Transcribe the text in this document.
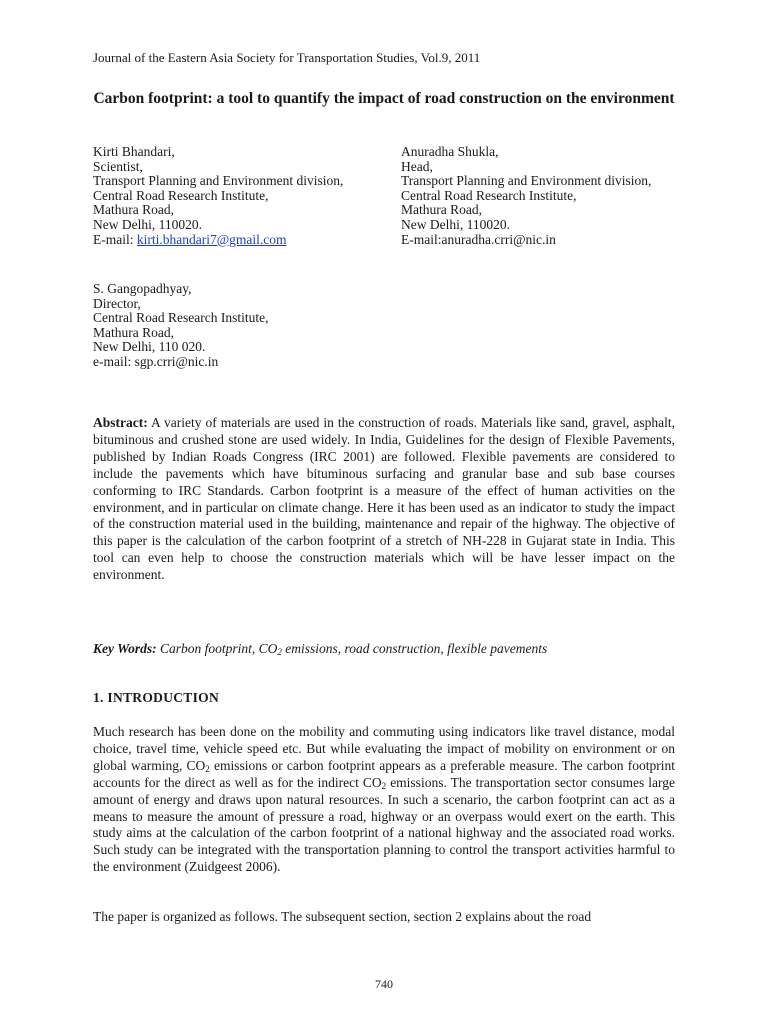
Journal of the Eastern Asia Society for Transportation Studies, Vol.9, 2011
Carbon footprint: a tool to quantify the impact of road construction on the environment
Kirti Bhandari,
Scientist,
Transport Planning and Environment division,
Central Road Research Institute,
Mathura Road,
New Delhi, 110020.
E-mail: kirti.bhandari7@gmail.com
Anuradha Shukla,
Head,
Transport Planning and Environment division,
Central Road Research Institute,
Mathura Road,
New Delhi, 110020.
E-mail:anuradha.crri@nic.in
S. Gangopadhyay,
Director,
Central Road Research Institute,
Mathura Road,
New Delhi, 110 020.
e-mail: sgp.crri@nic.in
Abstract: A variety of materials are used in the construction of roads. Materials like sand, gravel, asphalt, bituminous and crushed stone are used widely. In India, Guidelines for the design of Flexible Pavements, published by Indian Roads Congress (IRC 2001) are followed. Flexible pavements are considered to include the pavements which have bituminous surfacing and granular base and sub base courses conforming to IRC Standards. Carbon footprint is a measure of the effect of human activities on the environment, and in particular on climate change. Here it has been used as an indicator to study the impact of the construction material used in the building, maintenance and repair of the highway. The objective of this paper is the calculation of the carbon footprint of a stretch of NH-228 in Gujarat state in India. This tool can even help to choose the construction materials which will be have lesser impact on the environment.
Key Words: Carbon footprint, $CO_2$ emissions, road construction, flexible pavements
1. INTRODUCTION
Much research has been done on the mobility and commuting using indicators like travel distance, modal choice, travel time, vehicle speed etc. But while evaluating the impact of mobility on environment or on global warming, $CO_2$ emissions or carbon footprint appears as a preferable measure. The carbon footprint accounts for the direct as well as for the indirect $CO_2$ emissions. The transportation sector consumes large amount of energy and draws upon natural resources. In such a scenario, the carbon footprint can act as a means to measure the amount of pressure a road, highway or an overpass would exert on the earth. This study aims at the calculation of the carbon footprint of a national highway and the associated road works. Such study can be integrated with the transportation planning to control the transport activities harmful to the environment (Zuidgeest 2006).
The paper is organized as follows. The subsequent section, section 2 explains about the road
740
